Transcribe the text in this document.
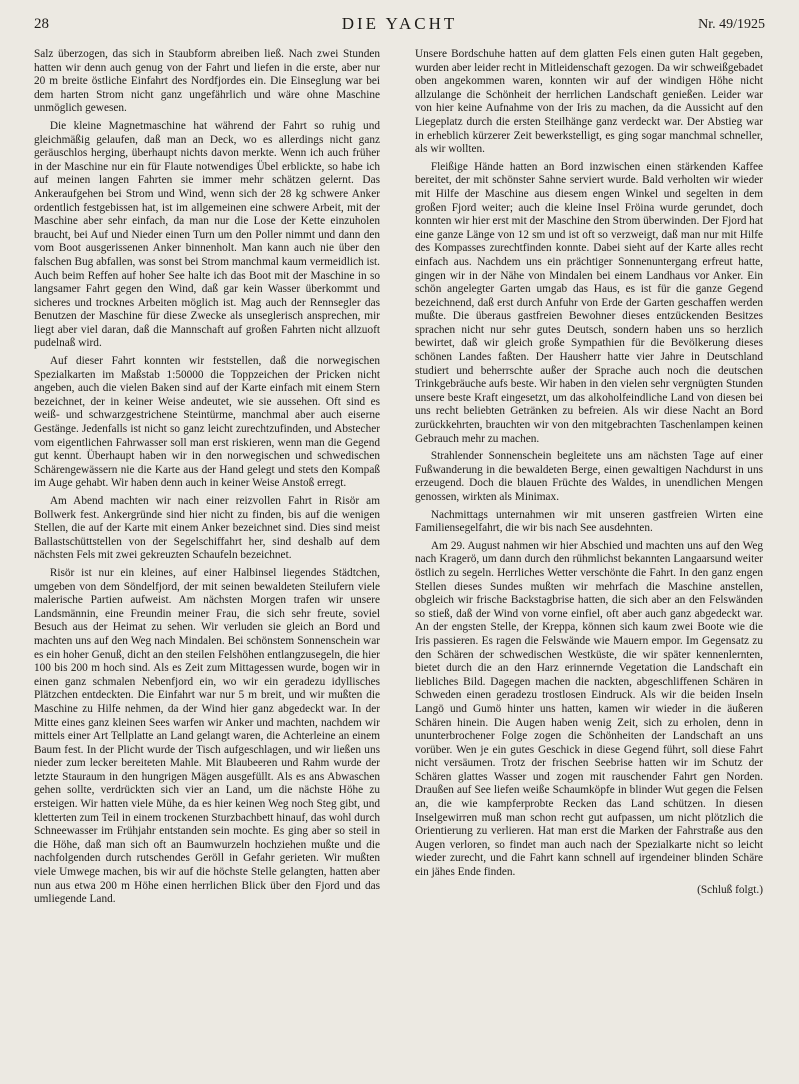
28	DIE YACHT	Nr. 49/1925

Salz überzogen, das sich in Staubform abreiben ließ. Nach zwei Stunden hatten wir denn auch genug von der Fahrt und liefen in die erste, aber nur 20 m breite östliche Einfahrt des Nordfjordes ein. Die Einseglung war bei dem harten Strom nicht ganz ungefährlich und wäre ohne Maschine unmöglich gewesen.

Die kleine Magnetmaschine hat während der Fahrt so ruhig und gleichmäßig gelaufen, daß man an Deck, wo es allerdings nicht ganz geräuschlos herging, überhaupt nichts davon merkte. Wenn ich auch früher in der Maschine nur ein für Flaute notwendiges Übel erblickte, so habe ich auf meinen langen Fahrten sie immer mehr schätzen gelernt. Das Ankeraufgehen bei Strom und Wind, wenn sich der 28 kg schwere Anker ordentlich festgebissen hat, ist im allgemeinen eine schwere Arbeit, mit der Maschine aber sehr einfach, da man nur die Lose der Kette einzuholen braucht, bei Auf und Nieder einen Turn um den Poller nimmt und dann den vom Boot ausgerissenen Anker binnenholt. Man kann auch nie über den falschen Bug abfallen, was sonst bei Strom manchmal kaum vermeidlich ist. Auch beim Reffen auf hoher See halte ich das Boot mit der Maschine in so langsamer Fahrt gegen den Wind, daß gar kein Wasser überkommt und sicheres und trocknes Arbeiten möglich ist. Mag auch der Rennsegler das Benutzen der Maschine für diese Zwecke als unseglerisch ansprechen, mir liegt aber viel daran, daß die Mannschaft auf großen Fahrten nicht allzuoft pudelnaß wird.

Auf dieser Fahrt konnten wir feststellen, daß die norwegischen Spezialkarten im Maßstab 1:50000 die Toppzeichen der Pricken nicht angeben, auch die vielen Baken sind auf der Karte einfach mit einem Stern bezeichnet, der in keiner Weise andeutet, wie sie aussehen. Oft sind es weiß- und schwarzgestrichene Steintürme, manchmal aber auch eiserne Gestänge. Jedenfalls ist nicht so ganz leicht zurechtzufinden, und Abstecher vom eigentlichen Fahrwasser soll man erst riskieren, wenn man die Gegend gut kennt. Überhaupt haben wir in den norwegischen und schwedischen Schärengewässern nie die Karte aus der Hand gelegt und stets den Kompaß im Auge gehabt. Wir haben denn auch in keiner Weise Anstoß erregt.

Am Abend machten wir nach einer reizvollen Fahrt in Risör am Bollwerk fest. Ankergründe sind hier nicht zu finden, bis auf die wenigen Stellen, die auf der Karte mit einem Anker bezeichnet sind. Dies sind meist Ballastschüttstellen von der Segelschiffahrt her, sind deshalb auf dem nächsten Fels mit zwei gekreuzten Schaufeln bezeichnet.

Risör ist nur ein kleines, auf einer Halbinsel liegendes Städtchen, umgeben von dem Söndelfjord, der mit seinen bewaldeten Steilufern viele malerische Partien aufweist. Am nächsten Morgen trafen wir unsere Landsmännin, eine Freundin meiner Frau, die sich sehr freute, soviel Besuch aus der Heimat zu sehen. Wir verluden sie gleich an Bord und machten uns auf den Weg nach Mindalen. Bei schönstem Sonnenschein war es ein hoher Genuß, dicht an den steilen Felshöhen entlangzusegeln, die hier 100 bis 200 m hoch sind. Als es Zeit zum Mittagessen wurde, bogen wir in einen ganz schmalen Nebenfjord ein, wo wir ein geradezu idyllisches Plätzchen entdeckten. Die Einfahrt war nur 5 m breit, und wir mußten die Maschine zu Hilfe nehmen, da der Wind hier ganz abgedeckt war. In der Mitte eines ganz kleinen Sees warfen wir Anker und machten, nachdem wir mittels einer Art Tellplatte an Land gelangt waren, die Achterleine an einem Baum fest. In der Plicht wurde der Tisch aufgeschlagen, und wir ließen uns nieder zum lecker bereiteten Mahle. Mit Blaubeeren und Rahm wurde der letzte Stauraum in den hungrigen Mägen ausgefüllt. Als es ans Abwaschen gehen sollte, verdrückten sich vier an Land, um die nächste Höhe zu ersteigen. Wir hatten viele Mühe, da es hier keinen Weg noch Steg gibt, und kletterten zum Teil in einem trockenen Sturzbachbett hinauf, das wohl durch Schneewasser im Frühjahr entstanden sein mochte. Es ging aber so steil in die Höhe, daß man sich oft an Baumwurzeln hochziehen mußte und die nachfolgenden durch rutschendes Geröll in Gefahr gerieten. Wir mußten viele Umwege machen, bis wir auf die höchste Stelle gelangten, hatten aber nun aus etwa 200 m Höhe einen herrlichen Blick über den Fjord und das umliegende Land.

Unsere Bordschuhe hatten auf dem glatten Fels einen guten Halt gegeben, wurden aber leider recht in Mitleidenschaft gezogen. Da wir schweißgebadet oben angekommen waren, konnten wir auf der windigen Höhe nicht allzulange die Schönheit der herrlichen Landschaft genießen. Leider war von hier keine Aufnahme von der Iris zu machen, da die Aussicht auf den Liegeplatz durch die ersten Steilhänge ganz verdeckt war. Der Abstieg war in erheblich kürzerer Zeit bewerkstelligt, es ging sogar manchmal schneller, als wir wollten.

Fleißige Hände hatten an Bord inzwischen einen stärkenden Kaffee bereitet, der mit schönster Sahne serviert wurde. Bald verholten wir wieder mit Hilfe der Maschine aus diesem engen Winkel und segelten in dem großen Fjord weiter; auch die kleine Insel Fröina wurde gerundet, doch konnten wir hier erst mit der Maschine den Strom überwinden. Der Fjord hat eine ganze Länge von 12 sm und ist oft so verzweigt, daß man nur mit Hilfe des Kompasses zurechtfinden konnte. Dabei sieht auf der Karte alles recht einfach aus. Nachdem uns ein prächtiger Sonnenuntergang erfreut hatte, gingen wir in der Nähe von Mindalen bei einem Landhaus vor Anker. Ein schön angelegter Garten umgab das Haus, es ist für die ganze Gegend bezeichnend, daß erst durch Anfuhr von Erde der Garten geschaffen werden mußte. Die überaus gastfreien Bewohner dieses entzückenden Besitzes sprachen nicht nur sehr gutes Deutsch, sondern haben uns so herzlich bewirtet, daß wir gleich große Sympathien für die Bevölkerung dieses schönen Landes faßten. Der Hausherr hatte vier Jahre in Deutschland studiert und beherrschte außer der Sprache auch noch die deutschen Trinkgebräuche aufs beste. Wir haben in den vielen sehr vergnügten Stunden unsere beste Kraft eingesetzt, um das alkoholfeindliche Land von diesen bei uns recht beliebten Getränken zu befreien. Als wir diese Nacht an Bord zurückkehrten, brauchten wir von den mitgebrachten Taschenlampen keinen Gebrauch mehr zu machen.

Strahlender Sonnenschein begleitete uns am nächsten Tage auf einer Fußwanderung in die bewaldeten Berge, einen gewaltigen Nachdurst in uns erzeugend. Doch die blauen Früchte des Waldes, in unendlichen Mengen genossen, wirkten als Minimax.

Nachmittags unternahmen wir mit unseren gastfreien Wirten eine Familiensegelfahrt, die wir bis nach See ausdehnten.

Am 29. August nahmen wir hier Abschied und machten uns auf den Weg nach Kragerö, um dann durch den rühmlichst bekannten Langaarsund weiter östlich zu segeln. Herrliches Wetter verschönte die Fahrt. In den ganz engen Stellen dieses Sundes mußten wir mehrfach die Maschine anstellen, obgleich wir frische Backstagbrise hatten, die sich aber an den Felswänden so stieß, daß der Wind von vorne einfiel, oft aber auch ganz abgedeckt war. An der engsten Stelle, der Kreppa, können sich kaum zwei Boote wie die Iris passieren. Es ragen die Felswände wie Mauern empor. Im Gegensatz zu den Schären der schwedischen Westküste, die wir später kennenlernten, bietet durch die an den Harz erinnernde Vegetation die Landschaft ein liebliches Bild. Dagegen machen die nackten, abgeschliffenen Schären in Schweden einen geradezu trostlosen Eindruck. Als wir die beiden Inseln Langö und Gumö hinter uns hatten, kamen wir wieder in die äußeren Schären hinein. Die Augen haben wenig Zeit, sich zu erholen, denn in ununterbrochener Folge zogen die Schönheiten der Landschaft an uns vorüber. Wen je ein gutes Geschick in diese Gegend führt, soll diese Fahrt nicht versäumen. Trotz der frischen Seebrise hatten wir im Schutz der Schären glattes Wasser und zogen mit rauschender Fahrt gen Norden. Draußen auf See liefen weiße Schaumköpfe in blinder Wut gegen die Felsen an, die wie kampferprobte Recken das Land schützen. In diesen Inselgewirren muß man schon recht gut aufpassen, um nicht plötzlich die Orientierung zu verlieren. Hat man erst die Marken der Fahrstraße aus den Augen verloren, so findet man auch nach der Spezialkarte nicht so leicht wieder zurecht, und die Fahrt kann schnell auf irgendeiner blinden Schäre ein jähes Ende finden.

(Schluß folgt.)
